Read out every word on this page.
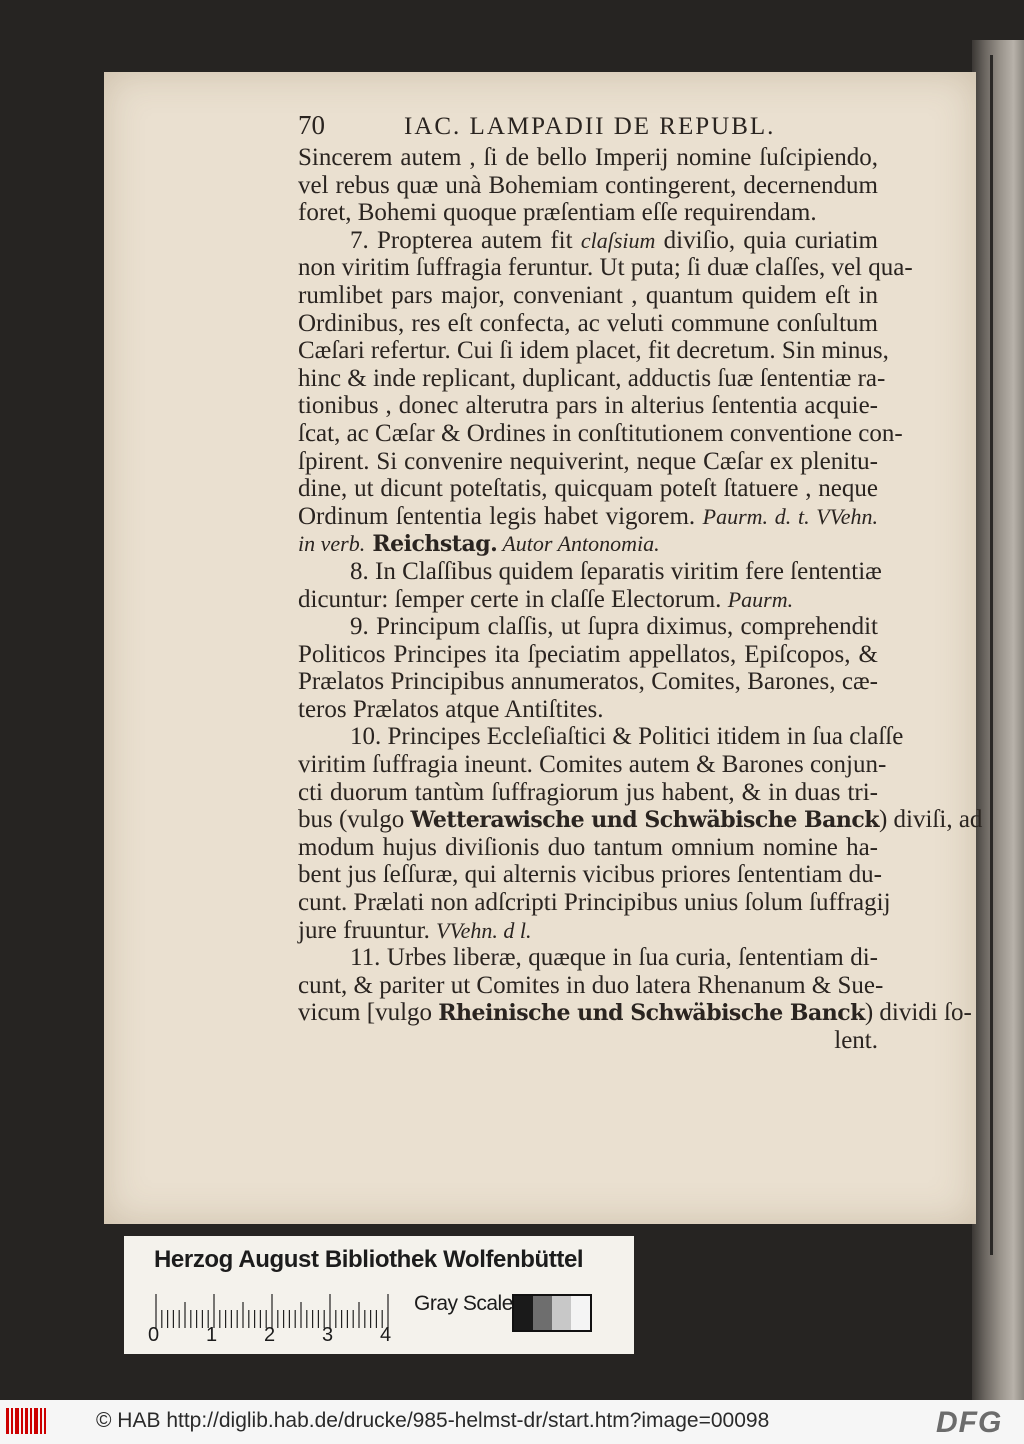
70	IAC. LAMPADII DE REPUBL.
Sincerem autem , ſi de bello Imperij nomine ſuſcipiendo,
vel rebus quæ unà Bohemiam contingerent, decernendum
foret, Bohemi quoque præſentiam eſſe requirendam.
7. Propterea autem fit claſsium diviſio, quia curiatim
non viritim ſuffragia feruntur. Ut puta; ſi duæ claſſes, vel qua-
rumlibet pars major, conveniant , quantum quidem eſt in
Ordinibus, res eſt confecta, ac veluti commune conſultum
Cæſari refertur. Cui ſi idem placet, fit decretum. Sin minus,
hinc & inde replicant, duplicant, adductis ſuæ ſententiæ ra-
tionibus , donec alterutra pars in alterius ſententia acquie-
ſcat, ac Cæſar & Ordines in conſtitutionem conventione con-
ſpirent. Si convenire nequiverint, neque Cæſar ex plenitu-
dine, ut dicunt poteſtatis, quicquam poteſt ſtatuere , neque
Ordinum ſententia legis habet vigorem. Paurm. d. t. VVehn.
in verb. Reichstag. Autor Antonomia.
8. In Claſſibus quidem ſeparatis viritim fere ſententiæ
dicuntur: ſemper certe in claſſe Electorum. Paurm.
9. Principum claſſis, ut ſupra diximus, comprehendit
Politicos Principes ita ſpeciatim appellatos, Epiſcopos, &
Prælatos Principibus annumeratos, Comites, Barones, cæ-
teros Prælatos atque Antiſtites.
10. Principes Eccleſiaſtici & Politici itidem in ſua claſſe
viritim ſuffragia ineunt. Comites autem & Barones conjun-
cti duorum tantùm ſuffragiorum jus habent, & in duas tri-
bus (vulgo Wetterawische und Schwäbische Banck) diviſi, ad
modum hujus diviſionis duo tantum omnium nomine ha-
bent jus ſeſſuræ, qui alternis vicibus priores ſententiam du-
cunt. Prælati non adſcripti Principibus unius ſolum ſuffragij
jure fruuntur. VVehn. d l.
11. Urbes liberæ, quæque in ſua curia, ſententiam di-
cunt, & pariter ut Comites in duo latera Rhenanum & Sue-
vicum [vulgo Rheinische und Schwäbische Banck) dividi ſo-
lent.
Herzog August Bibliothek Wolfenbüttel
0 1 2 3 4
Gray Scale
© HAB http://diglib.hab.de/drucke/985-helmst-dr/start.htm?image=00098	DFG
